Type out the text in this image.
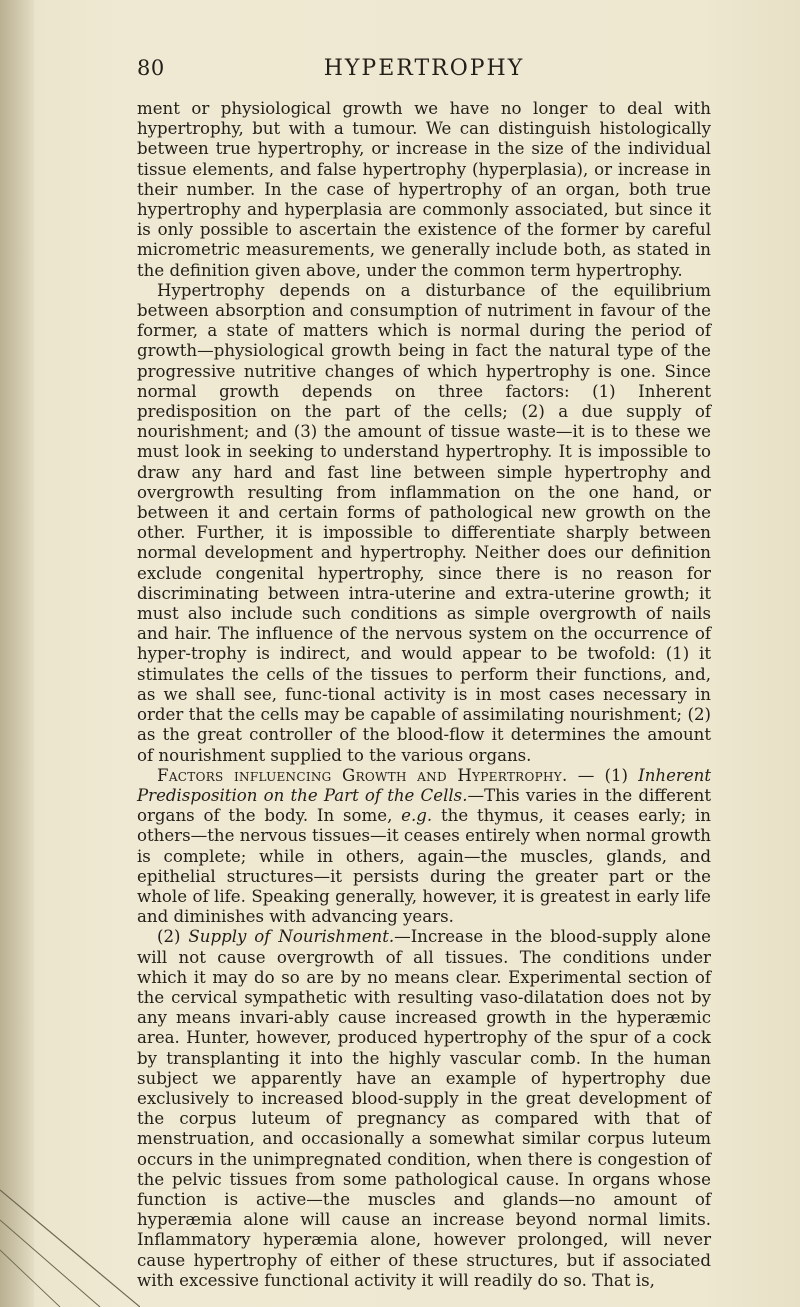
80	HYPERTROPHY

ment or physiological growth we have no longer to deal with hypertrophy, but with a tumour. We can distinguish histologically between true hypertrophy, or increase in the size of the individual tissue elements, and false hypertrophy (hyperplasia), or increase in their number. In the case of hypertrophy of an organ, both true hypertrophy and hyperplasia are commonly associated, but since it is only possible to ascertain the existence of the former by careful micrometric measurements, we generally include both, as stated in the definition given above, under the common term hypertrophy.

Hypertrophy depends on a disturbance of the equilibrium between absorption and consumption of nutriment in favour of the former, a state of matters which is normal during the period of growth—physiological growth being in fact the natural type of the progressive nutritive changes of which hypertrophy is one. Since normal growth depends on three factors: (1) Inherent predisposition on the part of the cells; (2) a due supply of nourishment; and (3) the amount of tissue waste—it is to these we must look in seeking to understand hypertrophy. It is impossible to draw any hard and fast line between simple hypertrophy and overgrowth resulting from inflammation on the one hand, or between it and certain forms of pathological new growth on the other. Further, it is impossible to differentiate sharply between normal development and hypertrophy. Neither does our definition exclude congenital hypertrophy, since there is no reason for discriminating between intra-uterine and extra-uterine growth; it must also include such conditions as simple overgrowth of nails and hair. The influence of the nervous system on the occurrence of hyper-trophy is indirect, and would appear to be twofold: (1) it stimulates the cells of the tissues to perform their functions, and, as we shall see, func-tional activity is in most cases necessary in order that the cells may be capable of assimilating nourishment; (2) as the great controller of the blood-flow it determines the amount of nourishment supplied to the various organs.

Factors influencing Growth and Hypertrophy. — (1) Inherent Predisposition on the Part of the Cells.—This varies in the different organs of the body. In some, e.g. the thymus, it ceases early; in others—the nervous tissues—it ceases entirely when normal growth is complete; while in others, again—the muscles, glands, and epithelial structures—it persists during the greater part or the whole of life. Speaking generally, however, it is greatest in early life and diminishes with advancing years.

(2) Supply of Nourishment.—Increase in the blood-supply alone will not cause overgrowth of all tissues. The conditions under which it may do so are by no means clear. Experimental section of the cervical sympathetic with resulting vaso-dilatation does not by any means invari-ably cause increased growth in the hyperæmic area. Hunter, however, produced hypertrophy of the spur of a cock by transplanting it into the highly vascular comb. In the human subject we apparently have an example of hypertrophy due exclusively to increased blood-supply in the great development of the corpus luteum of pregnancy as compared with that of menstruation, and occasionally a somewhat similar corpus luteum occurs in the unimpregnated condition, when there is congestion of the pelvic tissues from some pathological cause. In organs whose function is active—the muscles and glands—no amount of hyperæmia alone will cause an increase beyond normal limits. Inflammatory hyperæmia alone, however prolonged, will never cause hypertrophy of either of these structures, but if associated with excessive functional activity it will readily do so. That is,
